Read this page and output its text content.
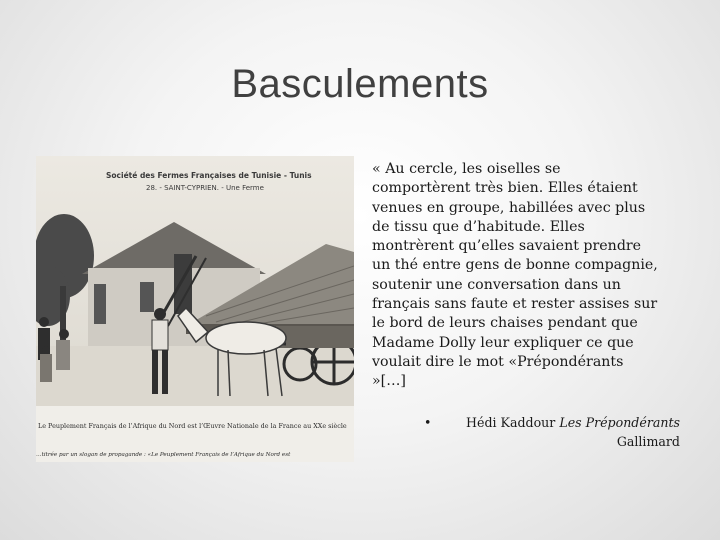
Basculements
Société des Fermes Françaises de Tunisie - Tunis
28. - SAINT-CYPRIEN. - Une Ferme
Le Peuplement Français de l’Afrique du Nord est l’Œuvre Nationale de la France au XXe siècle
…titrée par un slogan de propagande : «Le Peuplement Français de l’Afrique du Nord est
« Au cercle, les oiselles se
comportèrent très bien. Elles étaient
venues en groupe, habillées avec plus
de tissu que d’habitude. Elles
montrèrent qu’elles savaient prendre
un thé entre gens de bonne compagnie,
soutenir une conversation dans un
français sans faute et rester assises sur
le bord de leurs chaises pendant que
Madame Dolly leur expliquer ce que
voulait dire le mot «Prépondérants
»[…]
•	Hédi Kaddour Les Prépondérants
Gallimard
